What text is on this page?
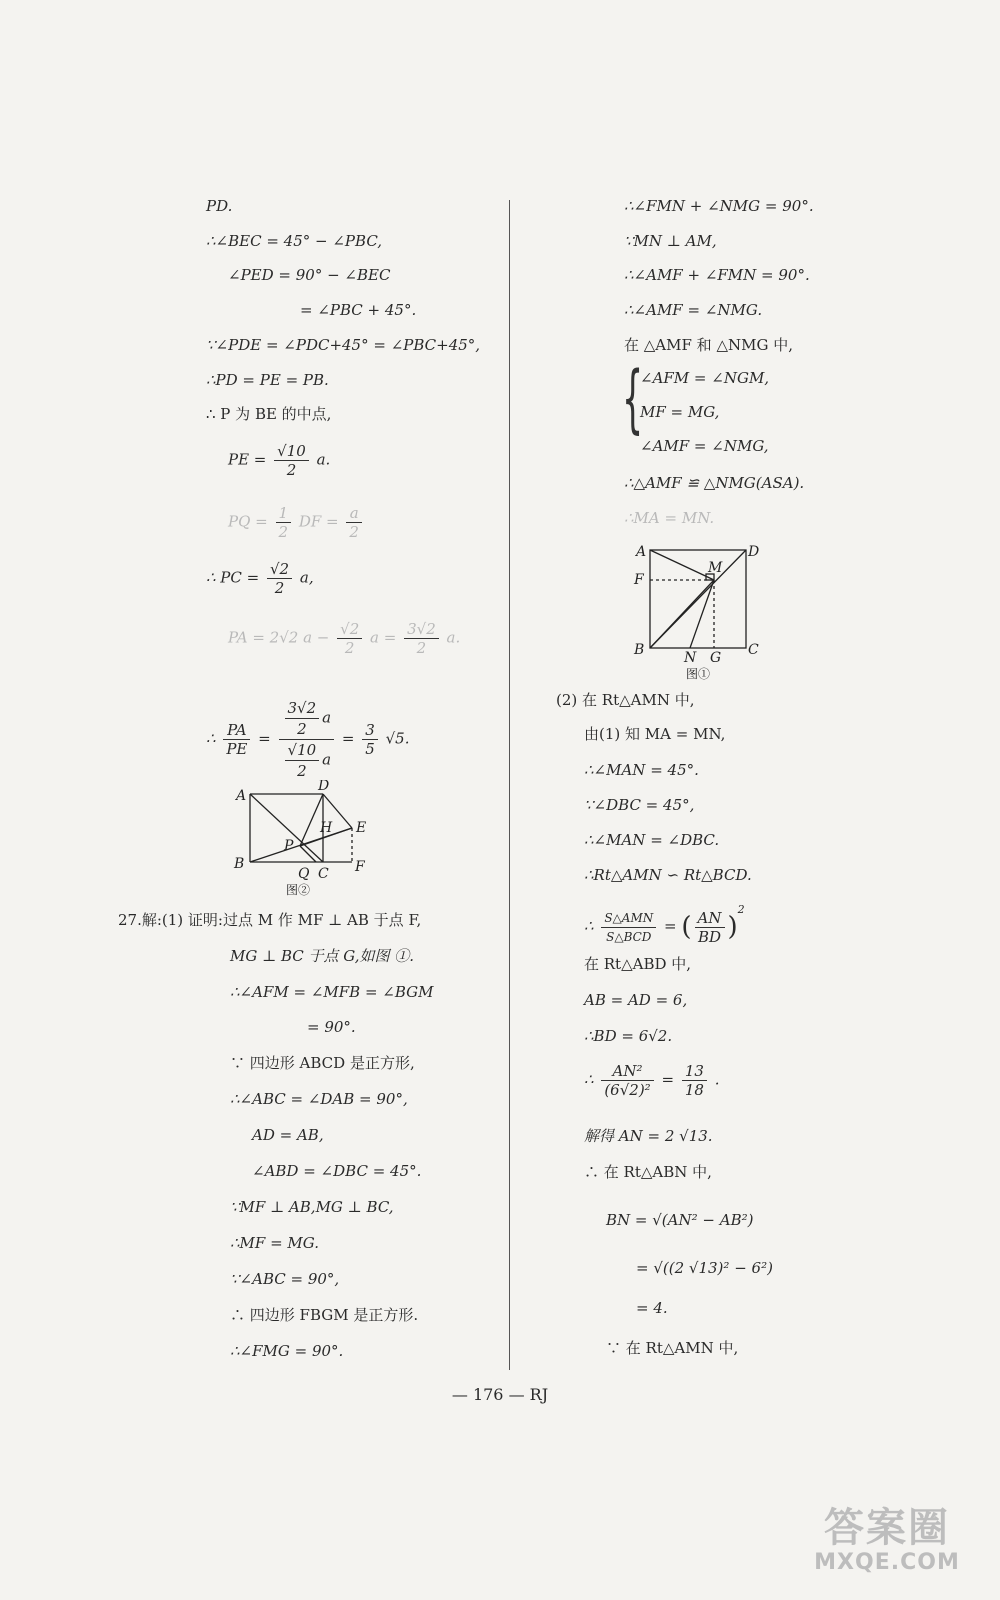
PD.
∴∠BEC = 45° − ∠PBC,
∠PED = 90° − ∠BEC
= ∠PBC + 45°.
∵∠PDE = ∠PDC+45° = ∠PBC+45°,
∴PD = PE = PB.
∴ P 为 BE 的中点,
PE = $\frac{√10}{2} a$.
PQ = $\frac{1}{2}$ DF = $\frac{a}{2}$
∴ PC = $\frac{√2}{2} a$,
PA = 2√2 $a - \frac{√2}{2}$ $a = \frac{3√2}{2} a$.
∴ $\frac{PA}{PE} = \frac{\frac{3√2}{2} a}{\frac{√10}{2} a} = \frac{3}{5} √5$.
A
D
E
H
P
B
Q C F
图②
27.解:(1) 证明:过点 M 作 MF ⊥ AB 于点 F,
MG ⊥ BC 于点 G,如图 ①.
∴∠AFM = ∠MFB = ∠BGM
= 90°.
∵ 四边形 ABCD 是正方形,
∴∠ABC = ∠DAB = 90°,
AD = AB,
∠ABD = ∠DBC = 45°.
∵MF ⊥ AB,MG ⊥ BC,
∴MF = MG.
∵∠ABC = 90°,
∴ 四边形 FBGM 是正方形.
∴∠FMG = 90°.
∴∠FMN + ∠NMG = 90°.
∵MN ⊥ AM,
∴∠AMF + ∠FMN = 90°.
∴∠AMF = ∠NMG.
在 △AMF 和 △NMG 中,
{
∠AFM = ∠NGM,
MF = MG,
∠AMF = ∠NMG,
∴△AMF ≌ △NMG(ASA).
∴MA = MN.
A	D
F
M
B	N G C
图①
(2) 在 Rt△AMN 中,
由(1) 知 MA = MN,
∴∠MAN = 45°.
∵∠DBC = 45°,
∴∠MAN = ∠DBC.
∴Rt△AMN ∽ Rt△BCD.
∴ $\frac{\text{S△AMN}}{\text{S△BCD}}$ = ( $\frac{AN}{BD} )^2$
在 Rt△ABD 中,
AB = AD = 6,
∴BD = 6√2.
∴ $\frac{\text{AN²}}{\text{(6√2)²}} = \frac{13}{18}$ .
解得 AN = 2 √13.
∴ 在 Rt△ABN 中,
BN = √(AN² − AB²)
= √((2 √13)² − 6²)
= 4.
∵ 在 Rt△AMN 中,
— 176 — RJ
答案圈
MXQE.COM
